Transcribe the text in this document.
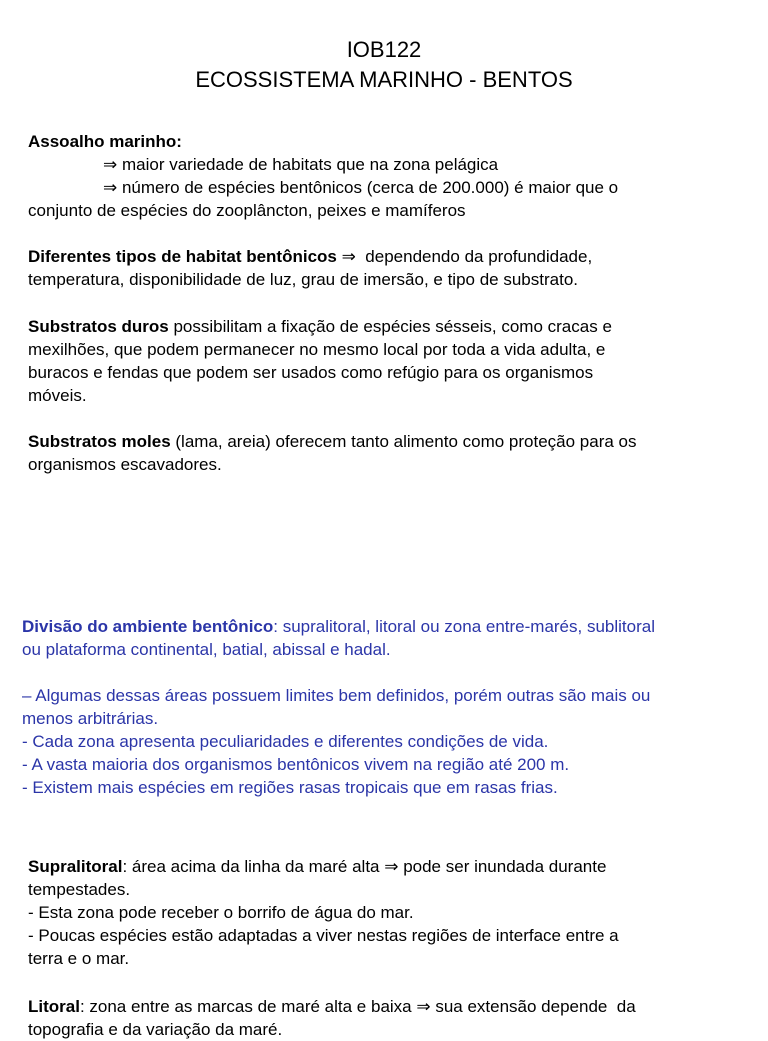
IOB122
ECOSSISTEMA MARINHO - BENTOS

Assoalho marinho:

⇒ maior variedade de habitats que na zona pelágica

⇒ número de espécies bentônicos (cerca de 200.000) é maior que o

conjunto de espécies do zooplâncton, peixes e mamíferos

Diferentes tipos de habitat bentônicos ⇒  dependendo da profundidade,

temperatura, disponibilidade de luz, grau de imersão, e tipo de substrato.

Substratos duros possibilitam a fixação de espécies sésseis, como cracas e

mexilhões, que podem permanecer no mesmo local por toda a vida adulta, e

buracos e fendas que podem ser usados como refúgio para os organismos

móveis.

Substratos moles (lama, areia) oferecem tanto alimento como proteção para os

organismos escavadores.

Divisão do ambiente bentônico: supralitoral, litoral ou zona entre-marés, sublitoral

ou plataforma continental, batial, abissal e hadal.

– Algumas dessas áreas possuem limites bem definidos, porém outras são mais ou

menos arbitrárias.

- Cada zona apresenta peculiaridades e diferentes condições de vida.

- A vasta maioria dos organismos bentônicos vivem na região até 200 m.

- Existem mais espécies em regiões rasas tropicais que em rasas frias.

Supralitoral: área acima da linha da maré alta ⇒ pode ser inundada durante

tempestades.

- Esta zona pode receber o borrifo de água do mar.

- Poucas espécies estão adaptadas a viver nestas regiões de interface entre a

terra e o mar.

Litoral: zona entre as marcas de maré alta e baixa ⇒ sua extensão depende  da

topografia e da variação da maré.
